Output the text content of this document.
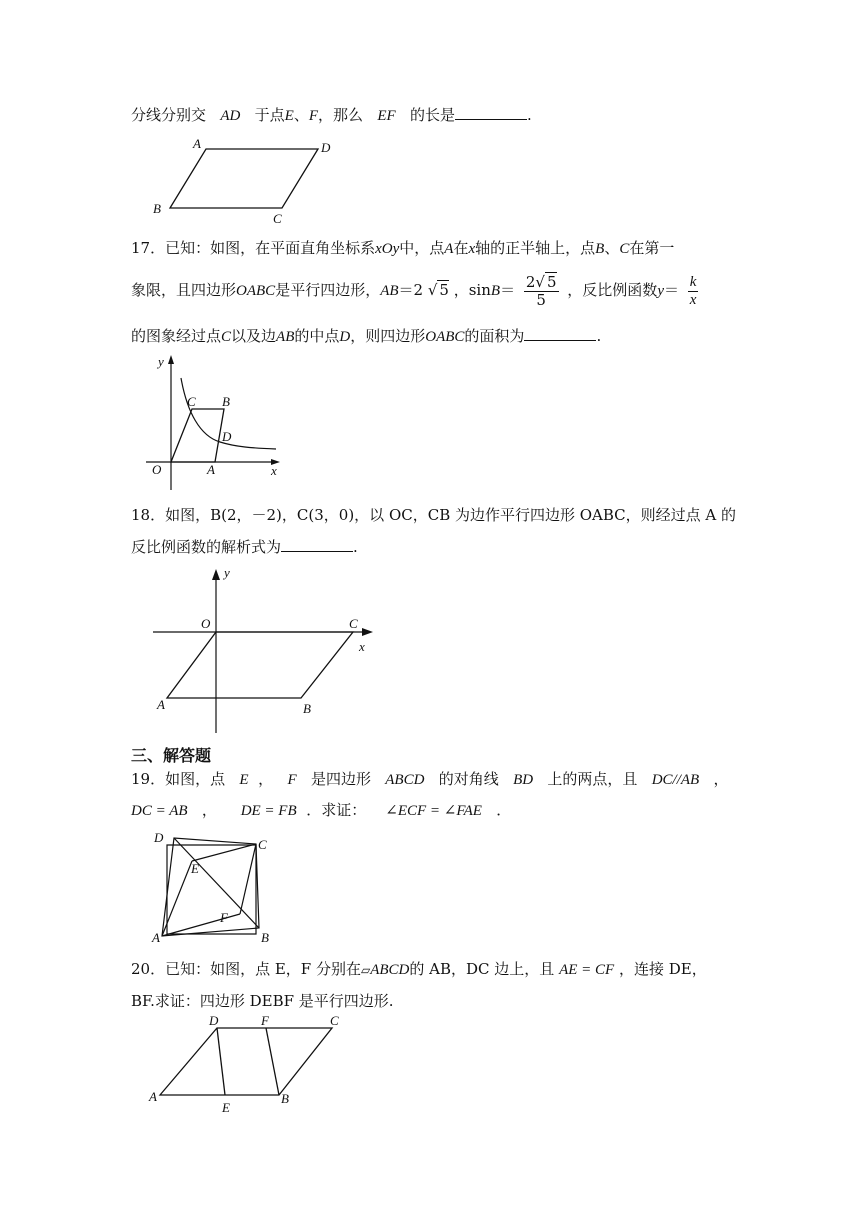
分线分别交 AD 于点E、F，那么 EF 的长是	.
A	D
B
C
17．已知：如图，在平面直角坐标系xOy中，点A在x轴的正半轴上，点B、C在第一
象限，且四边形OABC是平行四边形，AB＝2 √ 5 ，$\sin B= \frac{2√ 5}{5}$ ，反比例函数$y= \frac{k}{x}$
的图象经过点C以及边AB的中点D，则四边形OABC的面积为	.
y
x
O	A
B
C
D
18．如图，B(2，－2)，C(3，0)，以 OC，CB 为边作平行四边形 OABC，则经过点 A 的
反比例函数的解析式为	.
y
x
O	C
A	B
三、解答题
19．如图，点 E ， F 是四边形 ABCD 的对角线 BD 上的两点，且 DC//AB ，
DC = AB ， DE = FB ．求证： ∠ECF = ∠FAE ．
A	B
C
D
E
F
20．已知：如图，点 E，F 分别在▱ABCD的 AB，DC 边上，且 AE = CF ，连接 DE，
BF.求证：四边形 DEBF 是平行四边形.
D	F	C
A
E
B
